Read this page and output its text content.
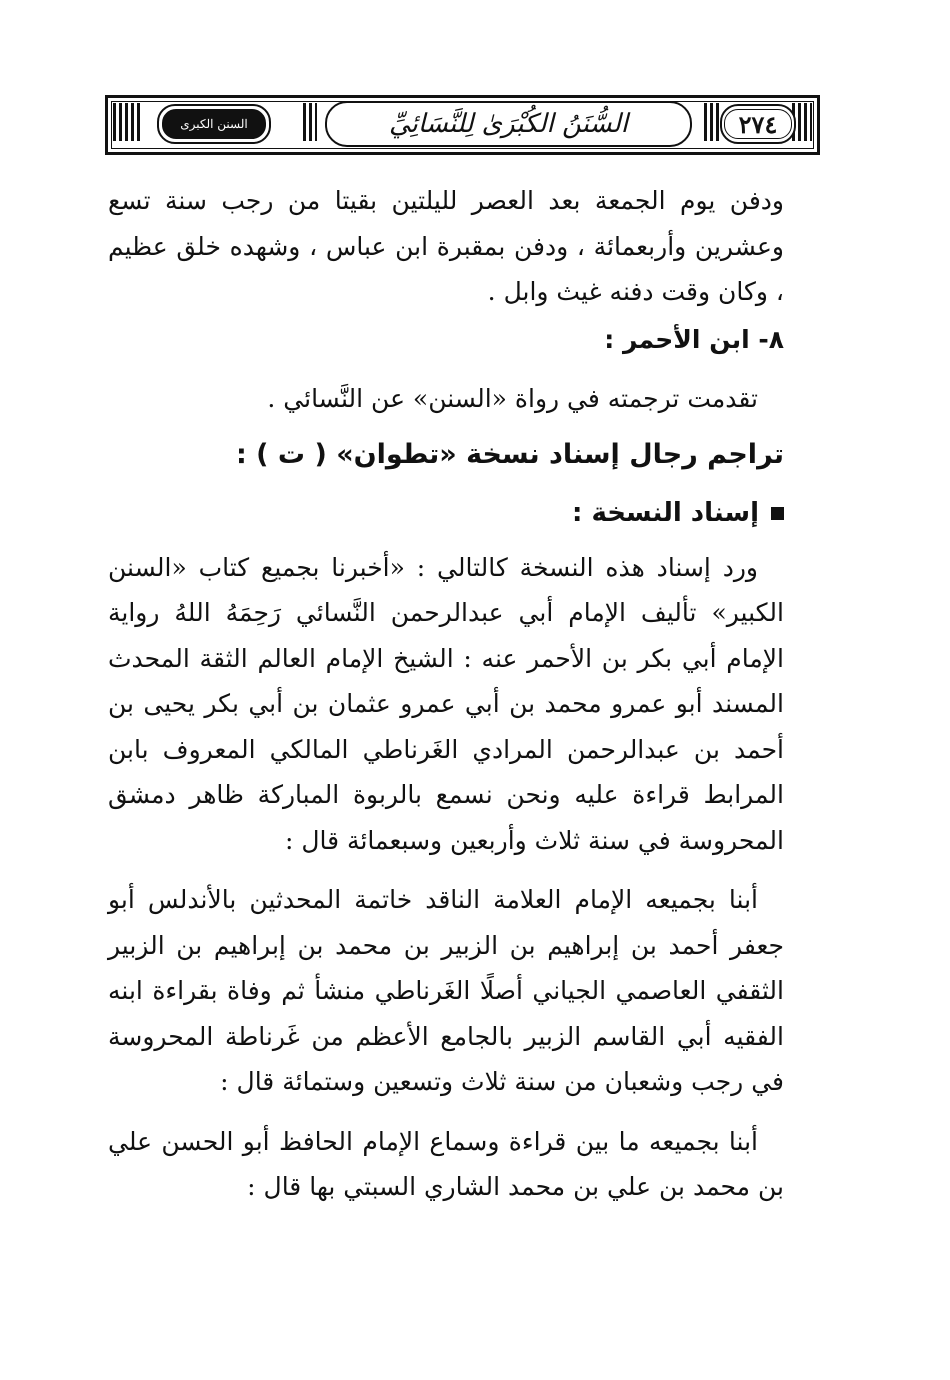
السنن الكبرى	السُّنَنُ الكُبْرَىٰ لِلنَّسَائِيِّ	٢٧٤

ودفن يوم الجمعة بعد العصر لليلتين بقيتا من رجب سنة تسع وعشرين وأربعمائة ، ودفن بمقبرة ابن عباس ، وشهده خلق عظيم ، وكان وقت دفنه غيث وابل .

٨- ابن الأحمر :

تقدمت ترجمته في رواة «السنن» عن النَّسائي .

تراجم رجال إسناد نسخة «تطوان» ( ت ) :

إسناد النسخة :

ورد إسناد هذه النسخة كالتالي : «أخبرنا بجميع كتاب «السنن الكبير» تأليف الإمام أبي عبدالرحمن النَّسائي رَحِمَهُ اللهُ رواية الإمام أبي بكر بن الأحمر عنه : الشيخ الإمام العالم الثقة المحدث المسند أبو عمرو محمد بن أبي عمرو عثمان بن أبي بكر يحيى بن أحمد بن عبدالرحمن المرادي الغَرناطي المالكي المعروف بابن المرابط قراءة عليه ونحن نسمع بالربوة المباركة ظاهر دمشق المحروسة في سنة ثلاث وأربعين وسبعمائة قال :

أبنا بجميعه الإمام العلامة الناقد خاتمة المحدثين بالأندلس أبو جعفر أحمد بن إبراهيم بن الزبير بن محمد بن إبراهيم بن الزبير الثقفي العاصمي الجياني أصلًا الغَرناطي منشأ ثم وفاة بقراءة ابنه الفقيه أبي القاسم الزبير بالجامع الأعظم من غَرناطة المحروسة في رجب وشعبان من سنة ثلاث وتسعين وستمائة قال :

أبنا بجميعه ما بين قراءة وسماع الإمام الحافظ أبو الحسن علي بن محمد بن علي بن محمد الشاري السبتي بها قال :
